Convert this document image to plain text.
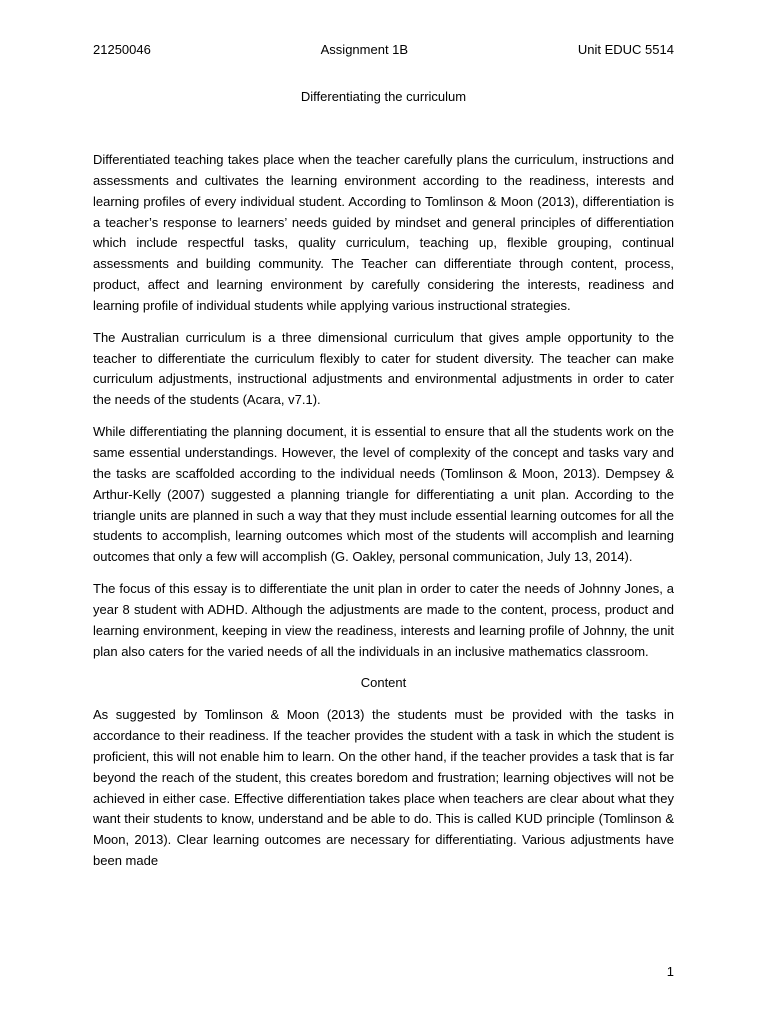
21250046	Assignment 1B	Unit EDUC 5514
Differentiating the curriculum

Differentiated teaching takes place when the teacher carefully plans the curriculum, instructions and assessments and cultivates the learning environment according to the readiness, interests and learning profiles of every individual student. According to Tomlinson & Moon (2013), differentiation is a teacher’s response to learners’ needs guided by mindset and general principles of differentiation which include respectful tasks, quality curriculum, teaching up, flexible grouping, continual assessments and building community. The Teacher can differentiate through content, process, product, affect and learning environment by carefully considering the interests, readiness and learning profile of individual students while applying various instructional strategies.

The Australian curriculum is a three dimensional curriculum that gives ample opportunity to the teacher to differentiate the curriculum flexibly to cater for student diversity. The teacher can make curriculum adjustments, instructional adjustments and environmental adjustments in order to cater the needs of the students (Acara, v7.1).

While differentiating the planning document, it is essential to ensure that all the students work on the same essential understandings. However, the level of complexity of the concept and tasks vary and the tasks are scaffolded according to the individual needs (Tomlinson & Moon, 2013). Dempsey & Arthur-Kelly (2007) suggested a planning triangle for differentiating a unit plan. According to the triangle units are planned in such a way that they must include essential learning outcomes for all the students to accomplish, learning outcomes which most of the students will accomplish and learning outcomes that only a few will accomplish (G. Oakley, personal communication, July 13, 2014).

The focus of this essay is to differentiate the unit plan in order to cater the needs of Johnny Jones, a year 8 student with ADHD. Although the adjustments are made to the content, process, product and learning environment, keeping in view the readiness, interests and learning profile of Johnny, the unit plan also caters for the varied needs of all the individuals in an inclusive mathematics classroom.

Content

As suggested by Tomlinson & Moon (2013) the students must be provided with the tasks in accordance to their readiness. If the teacher provides the student with a task in which the student is proficient, this will not enable him to learn. On the other hand, if the teacher provides a task that is far beyond the reach of the student, this creates boredom and frustration; learning objectives will not be achieved in either case. Effective differentiation takes place when teachers are clear about what they want their students to know, understand and be able to do. This is called KUD principle (Tomlinson & Moon, 2013). Clear learning outcomes are necessary for differentiating. Various adjustments have been made

1
